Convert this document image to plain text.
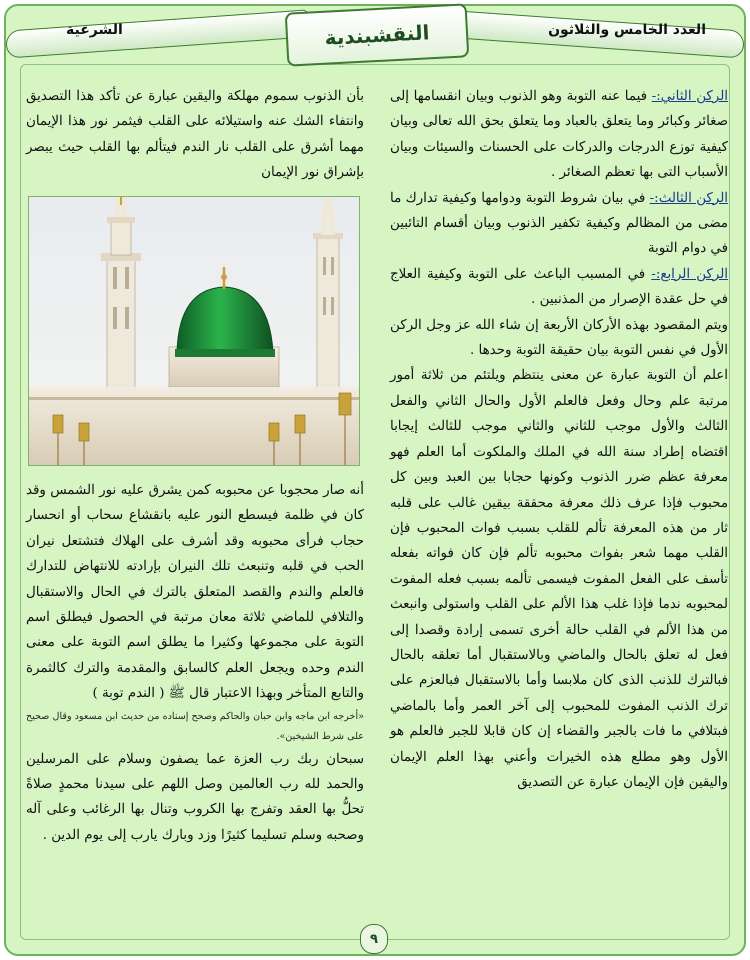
النقشبندية	العدد الخامس والثلاثون
الشرعية

الركن الثاني:- فيما عنه التوبة وهو الذنوب وبيان انقسامها إلى صغائر وكبائر وما يتعلق بالعباد وما يتعلق بحق الله تعالى وبيان كيفية توزع الدرجات والدركات على الحسنات والسيئات وبيان الأسباب التى بها تعظم الصغائر .

الركن الثالث:- في بيان شروط التوبة ودوامها وكيفية تدارك ما مضى من المظالم وكيفية تكفير الذنوب وبيان أقسام التائبين في دوام التوبة

الركن الرابع:- في المسبب الباعث على التوبة وكيفية العلاج في حل عقدة الإصرار من المذنبين .

ويتم المقصود بهذه الأركان الأربعة إن شاء الله عز وجل الركن الأول في نفس التوبة بيان حقيقة التوبة وحدها .

اعلم أن التوبة عبارة عن معنى ينتظم ويلتئم من ثلاثة أمور مرتبة علم وحال وفعل فالعلم الأول والحال الثاني والفعل الثالث والأول موجب للثاني والثاني موجب للثالث إيجابا اقتضاه إطراد سنة الله في الملك والملكوت أما العلم فهو معرفة عظم ضرر الذنوب وكونها حجابا بين العبد وبين كل محبوب فإذا عرف ذلك معرفة محققة بيقين غالب على قلبه ثار من هذه المعرفة تألم للقلب بسبب فوات المحبوب فإن القلب مهما شعر بفوات محبوبه تألم فإن كان فواته بفعله تأسف على الفعل المفوت فيسمى تألمه بسبب فعله المفوت لمحبوبه ندما فإذا غلب هذا الألم على القلب واستولى وانبعث من هذا الألم في القلب حالة أخرى تسمى إرادة وقصدا إلى فعل له تعلق بالحال والماضي وبالاستقبال أما تعلقه بالحال فبالترك للذنب الذى كان ملابسا وأما بالاستقبال فبالعزم على ترك الذنب المفوت للمحبوب إلى آخر العمر وأما بالماضي فبتلافي ما فات بالجبر والقضاء إن كان قابلا للجبر فالعلم هو الأول وهو مطلع هذه الخيرات وأعني بهذا العلم الإيمان واليقين فإن الإيمان عبارة عن التصديق

بأن الذنوب سموم مهلكة واليقين عبارة عن تأكد هذا التصديق وانتفاء الشك عنه واستيلائه على القلب فيثمر نور هذا الإيمان مهما أشرق على القلب نار الندم فيتألم بها القلب حيث يبصر بإشراق نور الإيمان

أنه صار محجوبا عن محبوبه كمن يشرق عليه نور الشمس وقد كان في ظلمة فيسطع النور عليه بانقشاع سحاب أو انحسار حجاب فرأى محبوبه وقد أشرف على الهلاك فتشتعل نيران الحب في قلبه وتنبعث تلك النيران بإرادته للانتهاض للتدارك فالعلم والندم والقصد المتعلق بالترك في الحال والاستقبال والتلافي للماضي ثلاثة معان مرتبة في الحصول فيطلق اسم التوبة على مجموعها وكثيرا ما يطلق اسم التوبة على معنى الندم وحده ويجعل العلم كالسابق والمقدمة والترك كالثمرة والتابع المتأخر وبهذا الاعتبار قال ﷺ ( الندم توبة )

«أخرجه ابن ماجه وابن حبان والحاكم وصحح إسناده من حديث ابن مسعود وقال صحيح على شرط الشيخين».

سبحان ربك رب العزة عما يصفون وسلام على المرسلين والحمد لله رب العالمين وصل اللهم على سيدنا محمدٍ صلاةً تحلُّ بها العقد وتفرج بها الكروب وتنال بها الرغائب وعلى آله وصحبه وسلم تسليما كثيرًا وزد وبارك يارب إلى يوم الدين .

٩
